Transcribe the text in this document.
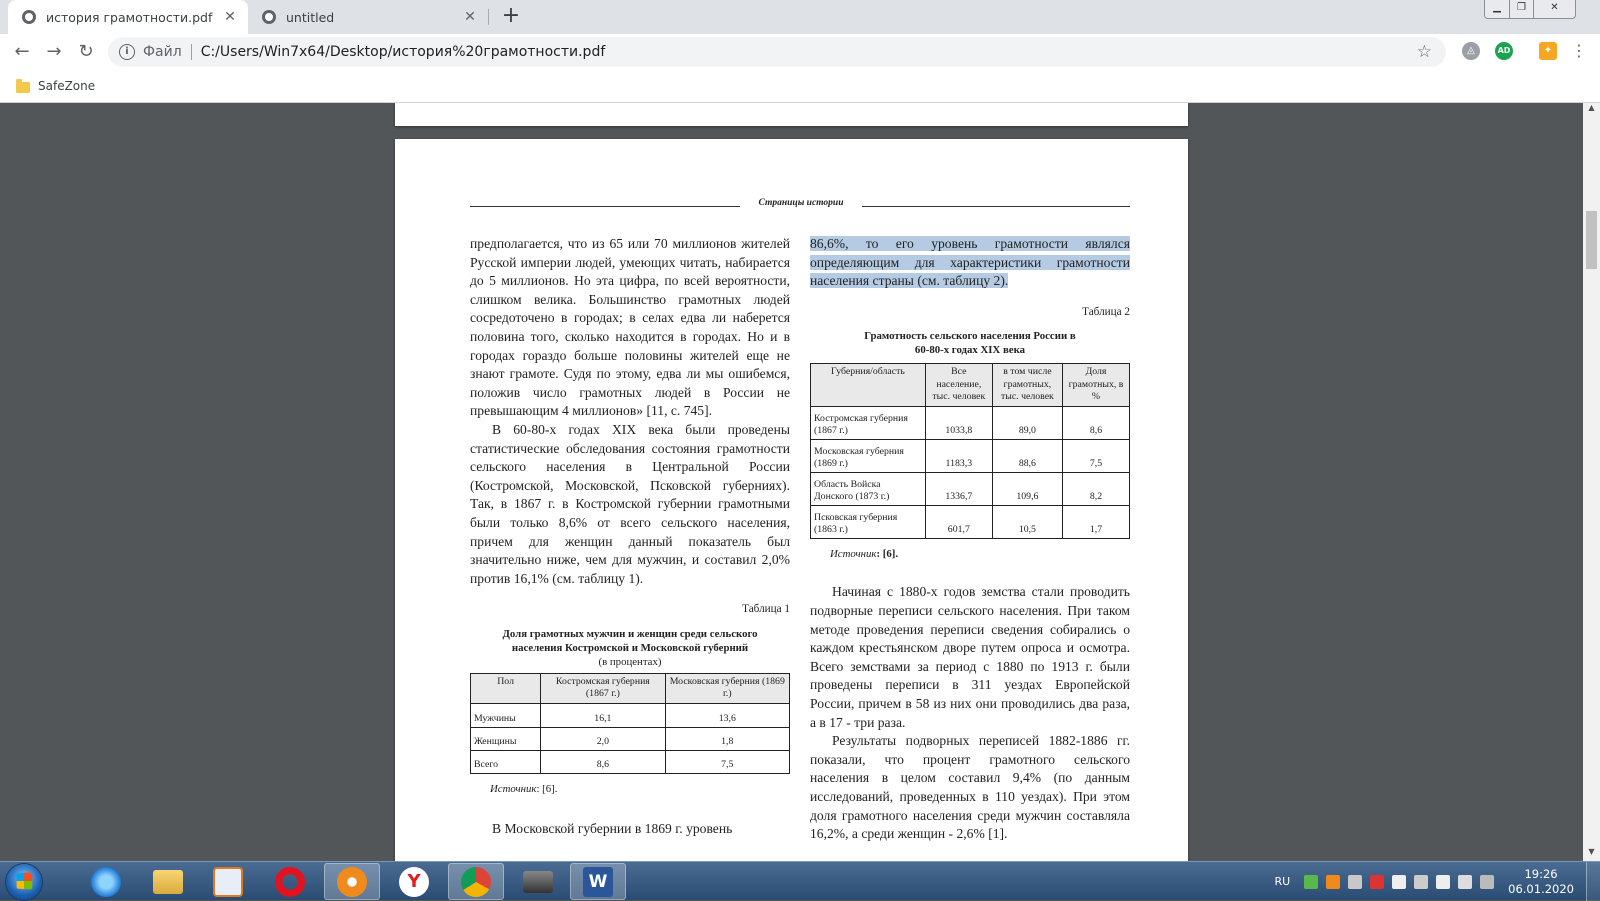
история грамотности.pdf ✕	untitled	✕ +	▁	❐	✕
← → ↻	i	Файл C:/Users/Win7x64/Desktop/история%20грамотности.pdf	☆	◬	AD	✦	⋮
SafeZone
Страницы истории

предполагается, что из 65 или 70 миллионов жителей Русской империи людей, умеющих читать, набирается до 5 миллионов. Но эта цифра, по всей вероятности, слишком велика. Большинство грамотных людей сосредоточено в городах; в селах едва ли наберется половина того, сколько находится в городах. Но и в городах гораздо больше половины жителей еще не знают грамоте. Судя по этому, едва ли мы ошибемся, положив число грамотных людей в России не превышающим 4 миллионов» [11, с. 745].

В 60-80-х годах XIX века были проведены статистические обследования состояния грамотности сельского населения в Центральной России (Костромской, Московской, Псковской губерниях). Так, в 1867 г. в Костромской губернии грамотными были только 8,6% от всего сельского населения, причем для женщин данный показатель был значительно ниже, чем для мужчин, и составил 2,0% против 16,1% (см. таблицу 1).

Таблица 1
Доля грамотных мужчин и женщин среди сельского населения Костромской и Московской губерний
(в процентах)
Пол	Костромская губерния (1867 г.)	Московская губерния (1869 г.)
Мужчины	16,1	13,6
Женщины	2,0	1,8
Всего	8,6	7,5
Источник: [6].

В Московской губернии в 1869 г. уровень

86,6%, то его уровень грамотности являлся определяющим для характеристики грамотности населения страны (см. таблицу 2).

Таблица 2
Грамотность сельского населения России в 60-80-х годах XIX века
Губерния/область	Все население, тыс. человек	в том числе грамотных, тыс. человек	Доля грамотных, в %
Костромская губерния (1867 г.)	1033,8	89,0	8,6
Московская губерния (1869 г.)	1183,3	88,6	7,5
Область Войска Донского (1873 г.)	1336,7	109,6	8,2
Псковская губерния (1863 г.)	601,7	10,5	1,7
Источник: [6].

Начиная с 1880-х годов земства стали проводить подворные переписи сельского населения. При таком методе проведения переписи сведения собирались о каждом крестьянском дворе путем опроса и осмотра. Всего земствами за период с 1880 по 1913 г. были проведены переписи в 311 уездах Европейской России, причем в 58 из них они проводились два раза, а в 17 - три раза.

Результаты подворных переписей 1882-1886 гг. показали, что процент грамотного сельского населения в целом составил 9,4% (по данным исследований, проведенных в 110 уездах). При этом доля грамотного населения среди мужчин составляла 16,2%, а среди женщин - 2,6% [1].

▲
▼
Y	W	RU
19:26
06.01.2020
